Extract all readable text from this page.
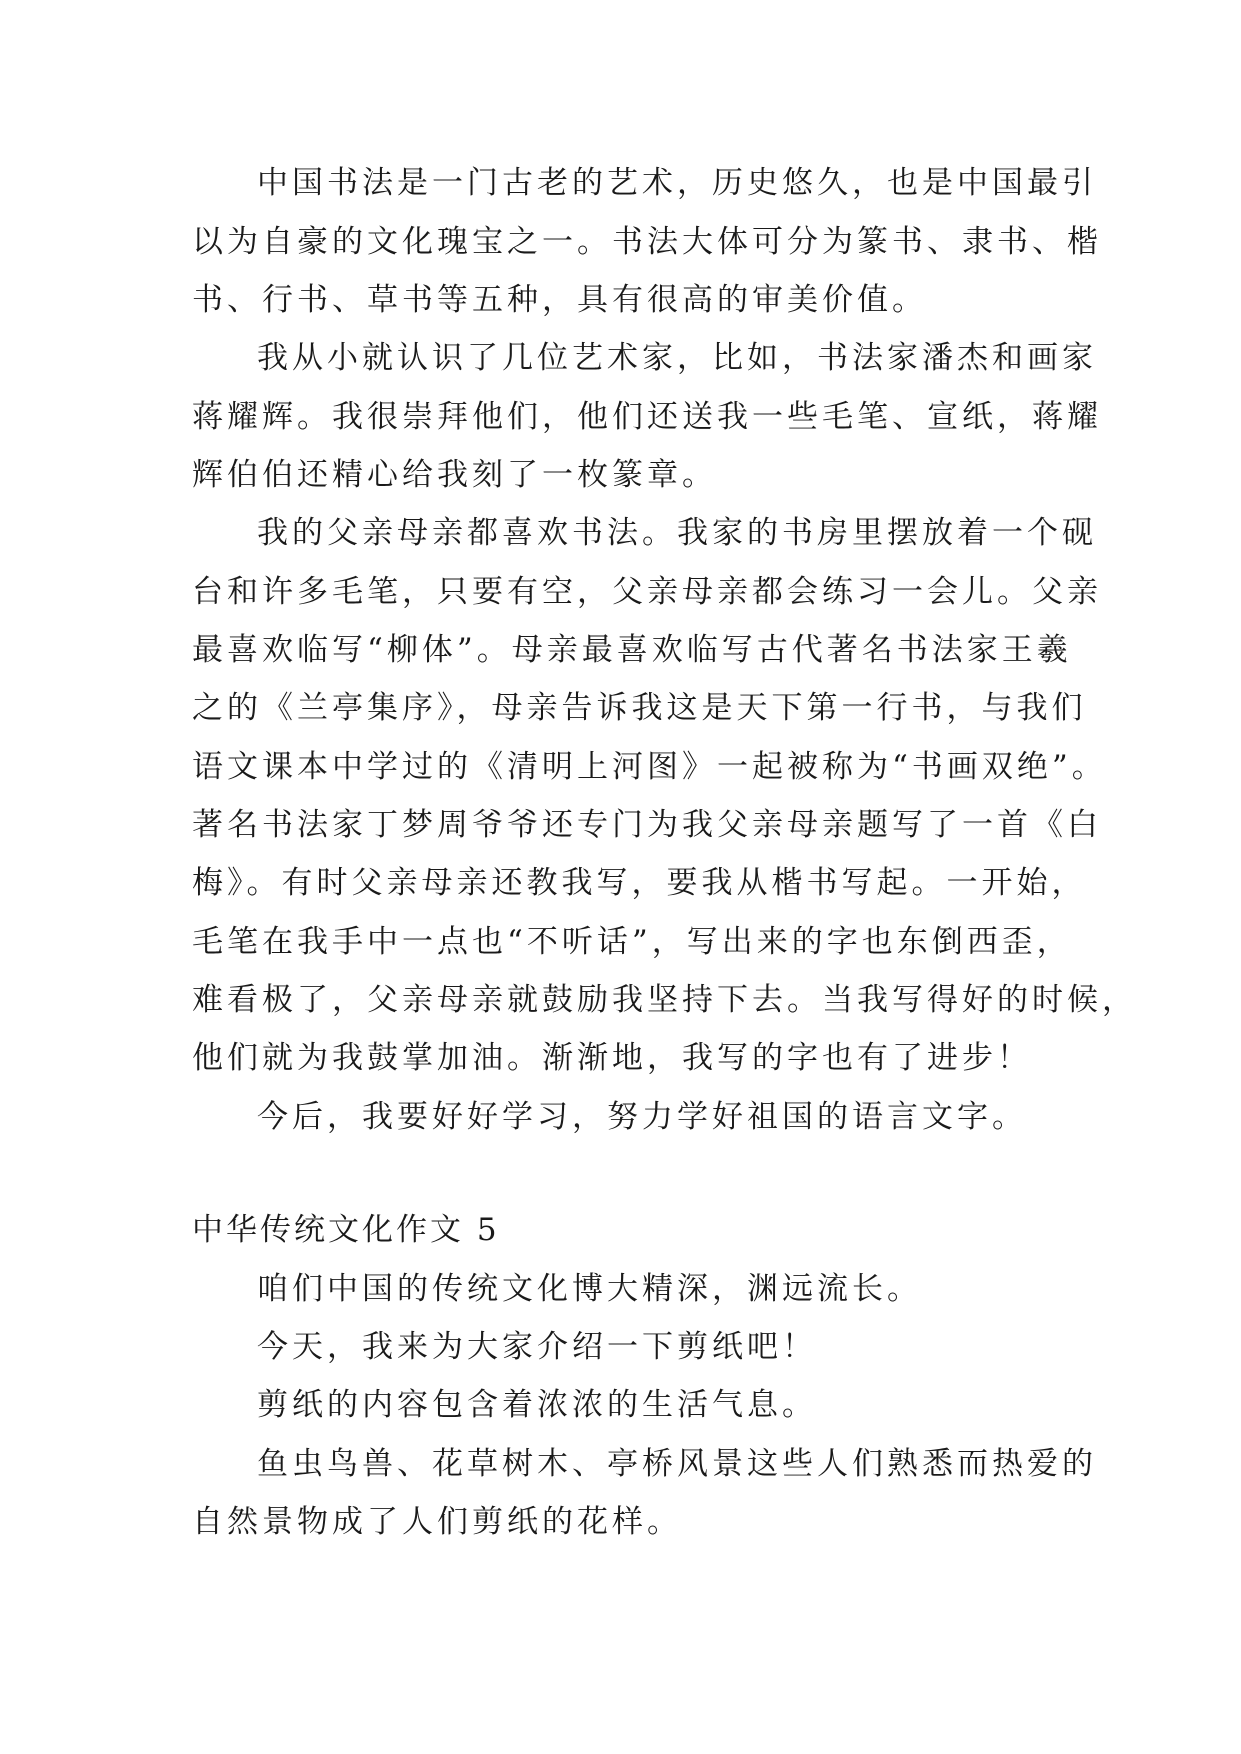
中国书法是一门古老的艺术，历史悠久，也是中国最引
以为自豪的文化瑰宝之一。书法大体可分为篆书、隶书、楷
书、行书、草书等五种，具有很高的审美价值。
我从小就认识了几位艺术家，比如，书法家潘杰和画家
蒋耀辉。我很崇拜他们，他们还送我一些毛笔、宣纸，蒋耀
辉伯伯还精心给我刻了一枚篆章。
我的父亲母亲都喜欢书法。我家的书房里摆放着一个砚
台和许多毛笔，只要有空，父亲母亲都会练习一会儿。父亲
最喜欢临写“柳体”。母亲最喜欢临写古代著名书法家王羲
之的《兰亭集序》，母亲告诉我这是天下第一行书，与我们
语文课本中学过的《清明上河图》一起被称为“书画双绝”。
著名书法家丁梦周爷爷还专门为我父亲母亲题写了一首《白
梅》。有时父亲母亲还教我写，要我从楷书写起。一开始，
毛笔在我手中一点也“不听话”，写出来的字也东倒西歪，
难看极了，父亲母亲就鼓励我坚持下去。当我写得好的时候，
他们就为我鼓掌加油。渐渐地，我写的字也有了进步！
今后，我要好好学习，努力学好祖国的语言文字。
中华传统文化作文 5
咱们中国的传统文化博大精深，渊远流长。
今天，我来为大家介绍一下剪纸吧！
剪纸的内容包含着浓浓的生活气息。
鱼虫鸟兽、花草树木、亭桥风景这些人们熟悉而热爱的
自然景物成了人们剪纸的花样。
